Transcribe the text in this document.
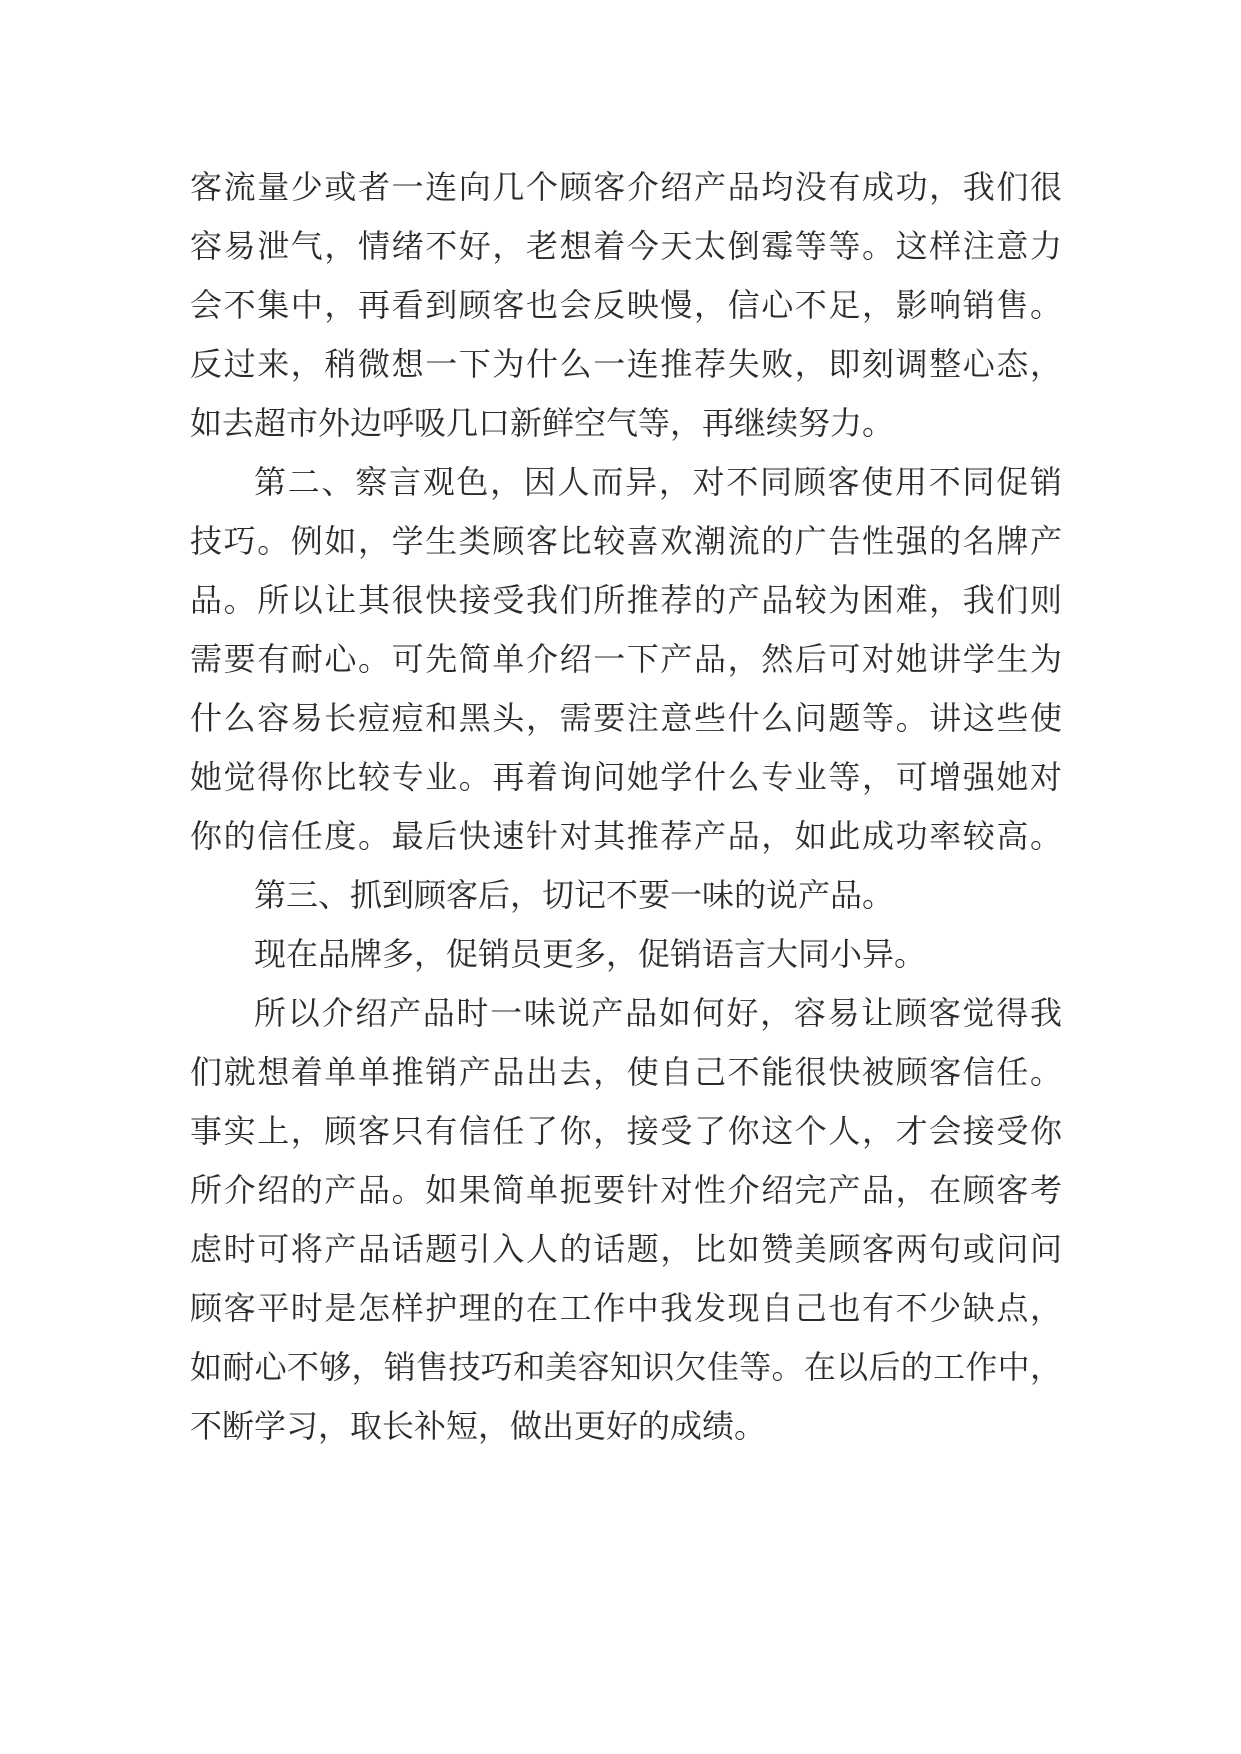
客流量少或者一连向几个顾客介绍产品均没有成功，我们很
容易泄气，情绪不好，老想着今天太倒霉等等。这样注意力
会不集中，再看到顾客也会反映慢，信心不足，影响销售。
反过来，稍微想一下为什么一连推荐失败，即刻调整心态，
如去超市外边呼吸几口新鲜空气等，再继续努力。
第二、察言观色，因人而异，对不同顾客使用不同促销
技巧。例如，学生类顾客比较喜欢潮流的广告性强的名牌产
品。所以让其很快接受我们所推荐的产品较为困难，我们则
需要有耐心。可先简单介绍一下产品，然后可对她讲学生为
什么容易长痘痘和黑头，需要注意些什么问题等。讲这些使
她觉得你比较专业。再着询问她学什么专业等，可增强她对
你的信任度。最后快速针对其推荐产品，如此成功率较高。
第三、抓到顾客后，切记不要一味的说产品。
现在品牌多，促销员更多，促销语言大同小异。
所以介绍产品时一味说产品如何好，容易让顾客觉得我
们就想着单单推销产品出去，使自己不能很快被顾客信任。
事实上，顾客只有信任了你，接受了你这个人，才会接受你
所介绍的产品。如果简单扼要针对性介绍完产品，在顾客考
虑时可将产品话题引入人的话题，比如赞美顾客两句或问问
顾客平时是怎样护理的在工作中我发现自己也有不少缺点，
如耐心不够，销售技巧和美容知识欠佳等。在以后的工作中，
不断学习，取长补短，做出更好的成绩。
